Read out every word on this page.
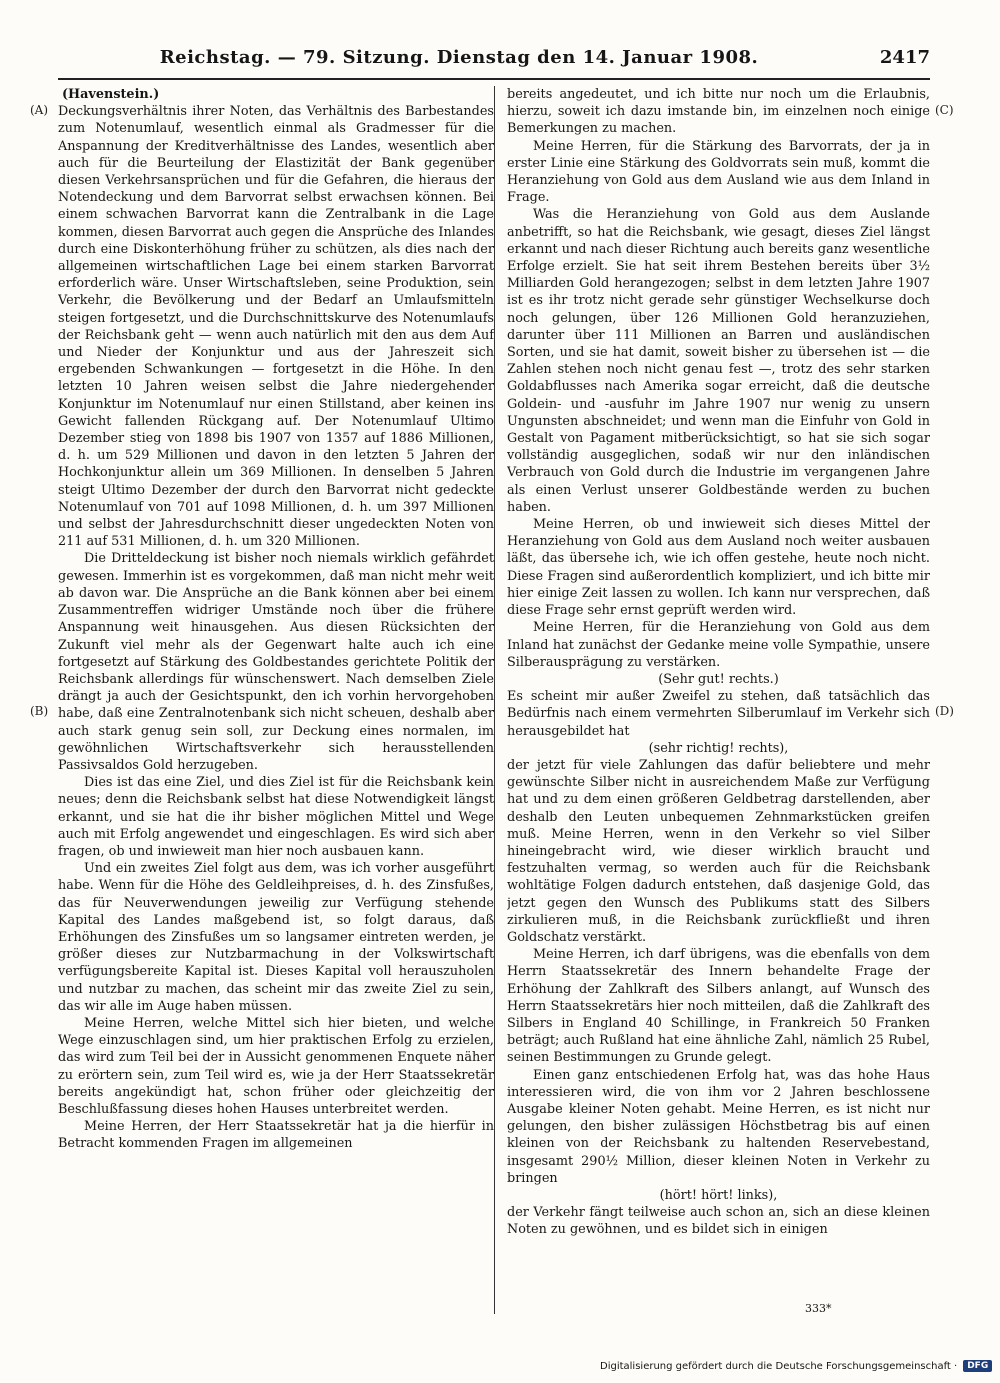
Reichstag. — 79. Sitzung. Dienstag den 14. Januar 1908.	2417
(A)
(B)
(C)
(D)

(Havenstein.)

Deckungsverhältnis ihrer Noten, das Verhältnis des Barbestandes zum Notenumlauf, wesentlich einmal als Gradmesser für die Anspannung der Kreditverhältnisse des Landes, wesentlich aber auch für die Beurteilung der Elastizität der Bank gegenüber diesen Verkehrsansprüchen und für die Gefahren, die hieraus der Notendeckung und dem Barvorrat selbst erwachsen können. Bei einem schwachen Barvorrat kann die Zentralbank in die Lage kommen, diesen Barvorrat auch gegen die Ansprüche des Inlandes durch eine Diskonterhöhung früher zu schützen, als dies nach der allgemeinen wirtschaftlichen Lage bei einem starken Barvorrat erforderlich wäre. Unser Wirtschaftsleben, seine Produktion, sein Verkehr, die Bevölkerung und der Bedarf an Umlaufsmitteln steigen fortgesetzt, und die Durchschnittskurve des Notenumlaufs der Reichsbank geht — wenn auch natürlich mit den aus dem Auf und Nieder der Konjunktur und aus der Jahreszeit sich ergebenden Schwankungen — fortgesetzt in die Höhe. In den letzten 10 Jahren weisen selbst die Jahre niedergehender Konjunktur im Notenumlauf nur einen Stillstand, aber keinen ins Gewicht fallenden Rückgang auf. Der Notenumlauf Ultimo Dezember stieg von 1898 bis 1907 von 1357 auf 1886 Millionen, d. h. um 529 Millionen und davon in den letzten 5 Jahren der Hochkonjunktur allein um 369 Millionen. In denselben 5 Jahren steigt Ultimo Dezember der durch den Barvorrat nicht gedeckte Notenumlauf von 701 auf 1098 Millionen, d. h. um 397 Millionen und selbst der Jahresdurchschnitt dieser ungedeckten Noten von 211 auf 531 Millionen, d. h. um 320 Millionen.

Die Dritteldeckung ist bisher noch niemals wirklich gefährdet gewesen. Immerhin ist es vorgekommen, daß man nicht mehr weit ab davon war. Die Ansprüche an die Bank können aber bei einem Zusammentreffen widriger Umstände noch über die frühere Anspannung weit hinausgehen. Aus diesen Rücksichten der Zukunft viel mehr als der Gegenwart halte auch ich eine fortgesetzt auf Stärkung des Goldbestandes gerichtete Politik der Reichsbank allerdings für wünschenswert. Nach demselben Ziele drängt ja auch der Gesichtspunkt, den ich vorhin hervorgehoben habe, daß eine Zentralnotenbank sich nicht scheuen, deshalb aber auch stark genug sein soll, zur Deckung eines normalen, im gewöhnlichen Wirtschaftsverkehr sich herausstellenden Passivsaldos Gold herzugeben.

Dies ist das eine Ziel, und dies Ziel ist für die Reichsbank kein neues; denn die Reichsbank selbst hat diese Notwendigkeit längst erkannt, und sie hat die ihr bisher möglichen Mittel und Wege auch mit Erfolg angewendet und eingeschlagen. Es wird sich aber fragen, ob und inwieweit man hier noch ausbauen kann.

Und ein zweites Ziel folgt aus dem, was ich vorher ausgeführt habe. Wenn für die Höhe des Geldleihpreises, d. h. des Zinsfußes, das für Neuverwendungen jeweilig zur Verfügung stehende Kapital des Landes maßgebend ist, so folgt daraus, daß Erhöhungen des Zinsfußes um so langsamer eintreten werden, je größer dieses zur Nutzbarmachung in der Volkswirtschaft verfügungsbereite Kapital ist. Dieses Kapital voll herauszuholen und nutzbar zu machen, das scheint mir das zweite Ziel zu sein, das wir alle im Auge haben müssen.

Meine Herren, welche Mittel sich hier bieten, und welche Wege einzuschlagen sind, um hier praktischen Erfolg zu erzielen, das wird zum Teil bei der in Aussicht genommenen Enquete näher zu erörtern sein, zum Teil wird es, wie ja der Herr Staatssekretär bereits angekündigt hat, schon früher oder gleichzeitig der Beschlußfassung dieses hohen Hauses unterbreitet werden.

Meine Herren, der Herr Staatssekretär hat ja die hierfür in Betracht kommenden Fragen im allgemeinen

bereits angedeutet, und ich bitte nur noch um die Erlaubnis, hierzu, soweit ich dazu imstande bin, im einzelnen noch einige Bemerkungen zu machen.

Meine Herren, für die Stärkung des Barvorrats, der ja in erster Linie eine Stärkung des Goldvorrats sein muß, kommt die Heranziehung von Gold aus dem Ausland wie aus dem Inland in Frage.

Was die Heranziehung von Gold aus dem Auslande anbetrifft, so hat die Reichsbank, wie gesagt, dieses Ziel längst erkannt und nach dieser Richtung auch bereits ganz wesentliche Erfolge erzielt. Sie hat seit ihrem Bestehen bereits über 3½ Milliarden Gold herangezogen; selbst in dem letzten Jahre 1907 ist es ihr trotz nicht gerade sehr günstiger Wechselkurse doch noch gelungen, über 126 Millionen Gold heranzuziehen, darunter über 111 Millionen an Barren und ausländischen Sorten, und sie hat damit, soweit bisher zu übersehen ist — die Zahlen stehen noch nicht genau fest —, trotz des sehr starken Goldabflusses nach Amerika sogar erreicht, daß die deutsche Goldein- und -ausfuhr im Jahre 1907 nur wenig zu unsern Ungunsten abschneidet; und wenn man die Einfuhr von Gold in Gestalt von Pagament mitberücksichtigt, so hat sie sich sogar vollständig ausgeglichen, sodaß wir nur den inländischen Verbrauch von Gold durch die Industrie im vergangenen Jahre als einen Verlust unserer Goldbestände werden zu buchen haben.

Meine Herren, ob und inwieweit sich dieses Mittel der Heranziehung von Gold aus dem Ausland noch weiter ausbauen läßt, das übersehe ich, wie ich offen gestehe, heute noch nicht. Diese Fragen sind außerordentlich kompliziert, und ich bitte mir hier einige Zeit lassen zu wollen. Ich kann nur versprechen, daß diese Frage sehr ernst geprüft werden wird.

Meine Herren, für die Heranziehung von Gold aus dem Inland hat zunächst der Gedanke meine volle Sympathie, unsere Silberausprägung zu verstärken.

(Sehr gut! rechts.)

Es scheint mir außer Zweifel zu stehen, daß tatsächlich das Bedürfnis nach einem vermehrten Silberumlauf im Verkehr sich herausgebildet hat

(sehr richtig! rechts),

der jetzt für viele Zahlungen das dafür beliebtere und mehr gewünschte Silber nicht in ausreichendem Maße zur Verfügung hat und zu dem einen größeren Geldbetrag darstellenden, aber deshalb den Leuten unbequemen Zehnmarkstücken greifen muß. Meine Herren, wenn in den Verkehr so viel Silber hineingebracht wird, wie dieser wirklich braucht und festzuhalten vermag, so werden auch für die Reichsbank wohltätige Folgen dadurch entstehen, daß dasjenige Gold, das jetzt gegen den Wunsch des Publikums statt des Silbers zirkulieren muß, in die Reichsbank zurückfließt und ihren Goldschatz verstärkt.

Meine Herren, ich darf übrigens, was die ebenfalls von dem Herrn Staatssekretär des Innern behandelte Frage der Erhöhung der Zahlkraft des Silbers anlangt, auf Wunsch des Herrn Staatssekretärs hier noch mitteilen, daß die Zahlkraft des Silbers in England 40 Schillinge, in Frankreich 50 Franken beträgt; auch Rußland hat eine ähnliche Zahl, nämlich 25 Rubel, seinen Bestimmungen zu Grunde gelegt.

Einen ganz entschiedenen Erfolg hat, was das hohe Haus interessieren wird, die von ihm vor 2 Jahren beschlossene Ausgabe kleiner Noten gehabt. Meine Herren, es ist nicht nur gelungen, den bisher zulässigen Höchstbetrag bis auf einen kleinen von der Reichsbank zu haltenden Reservebestand, insgesamt 290½ Million, dieser kleinen Noten in Verkehr zu bringen

(hört! hört! links),

der Verkehr fängt teilweise auch schon an, sich an diese kleinen Noten zu gewöhnen, und es bildet sich in einigen

333*
Digitalisierung gefördert durch die Deutsche Forschungsgemeinschaft ·	DFG
